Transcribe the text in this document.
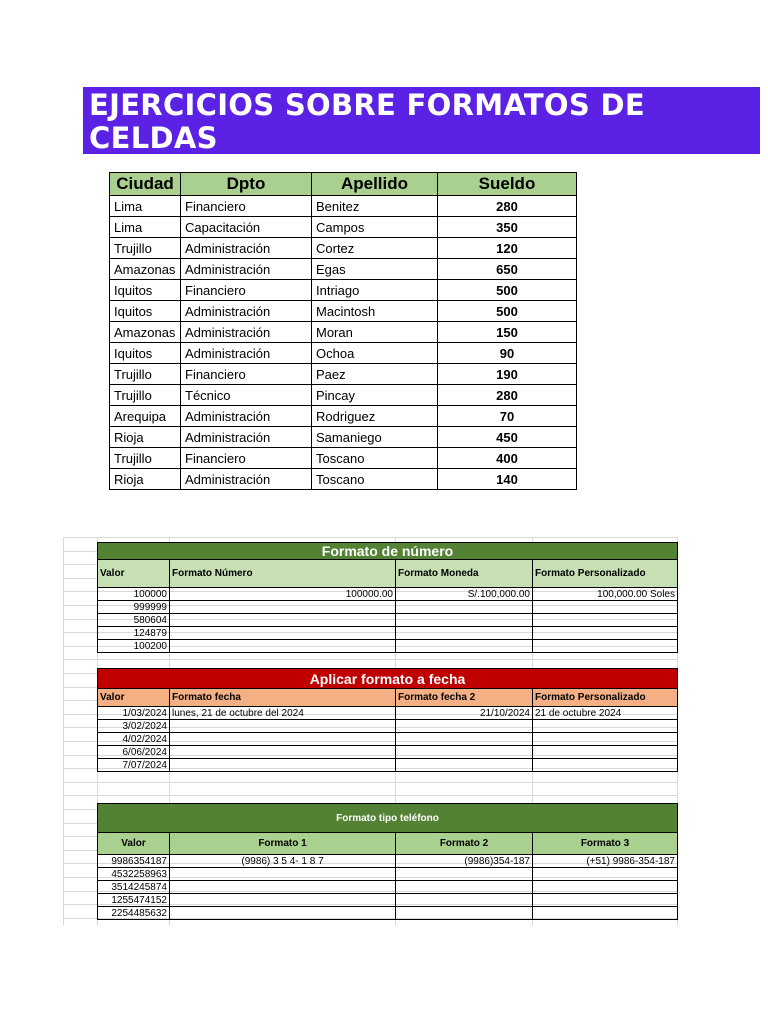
EJERCICIOS SOBRE FORMATOS DE CELDAS
Ciudad	Dpto	Apellido	Sueldo
Lima	Financiero	Benitez	280
Lima	Capacitación	Campos	350
Trujillo	Administración	Cortez	120
Amazonas	Administración	Egas	650
Iquitos	Financiero	Intriago	500
Iquitos	Administración	Macintosh	500
Amazonas	Administración	Moran	150
Iquitos	Administración	Ochoa	90
Trujillo	Financiero	Paez	190
Trujillo	Técnico	Pincay	280
Arequipa	Administración	Rodriguez	70
Rioja	Administración	Samaniego	450
Trujillo	Financiero	Toscano	400
Rioja	Administración	Toscano	140
Formato de número			
Valor	Formato Número	Formato Moneda	Formato Personalizado
100000	100000.00	S/.100,000.00	100,000.00 Soles
999999			
580604			
124879			
100200			
Aplicar formato a fecha			
Valor	Formato fecha	Formato fecha 2	Formato Personalizado
1/03/2024	lunes, 21 de octubre del 2024	21/10/2024	21 de octubre 2024
3/02/2024			
4/02/2024			
6/06/2024			
7/07/2024			
Formato tipo teléfono			
Valor	Formato 1	Formato 2	Formato 3
9986354187	(9986) 3 5 4- 1 8 7	(9986)354-187	(+51) 9986-354-187
4532258963			
3514245874			
1255474152			
2254485632			
